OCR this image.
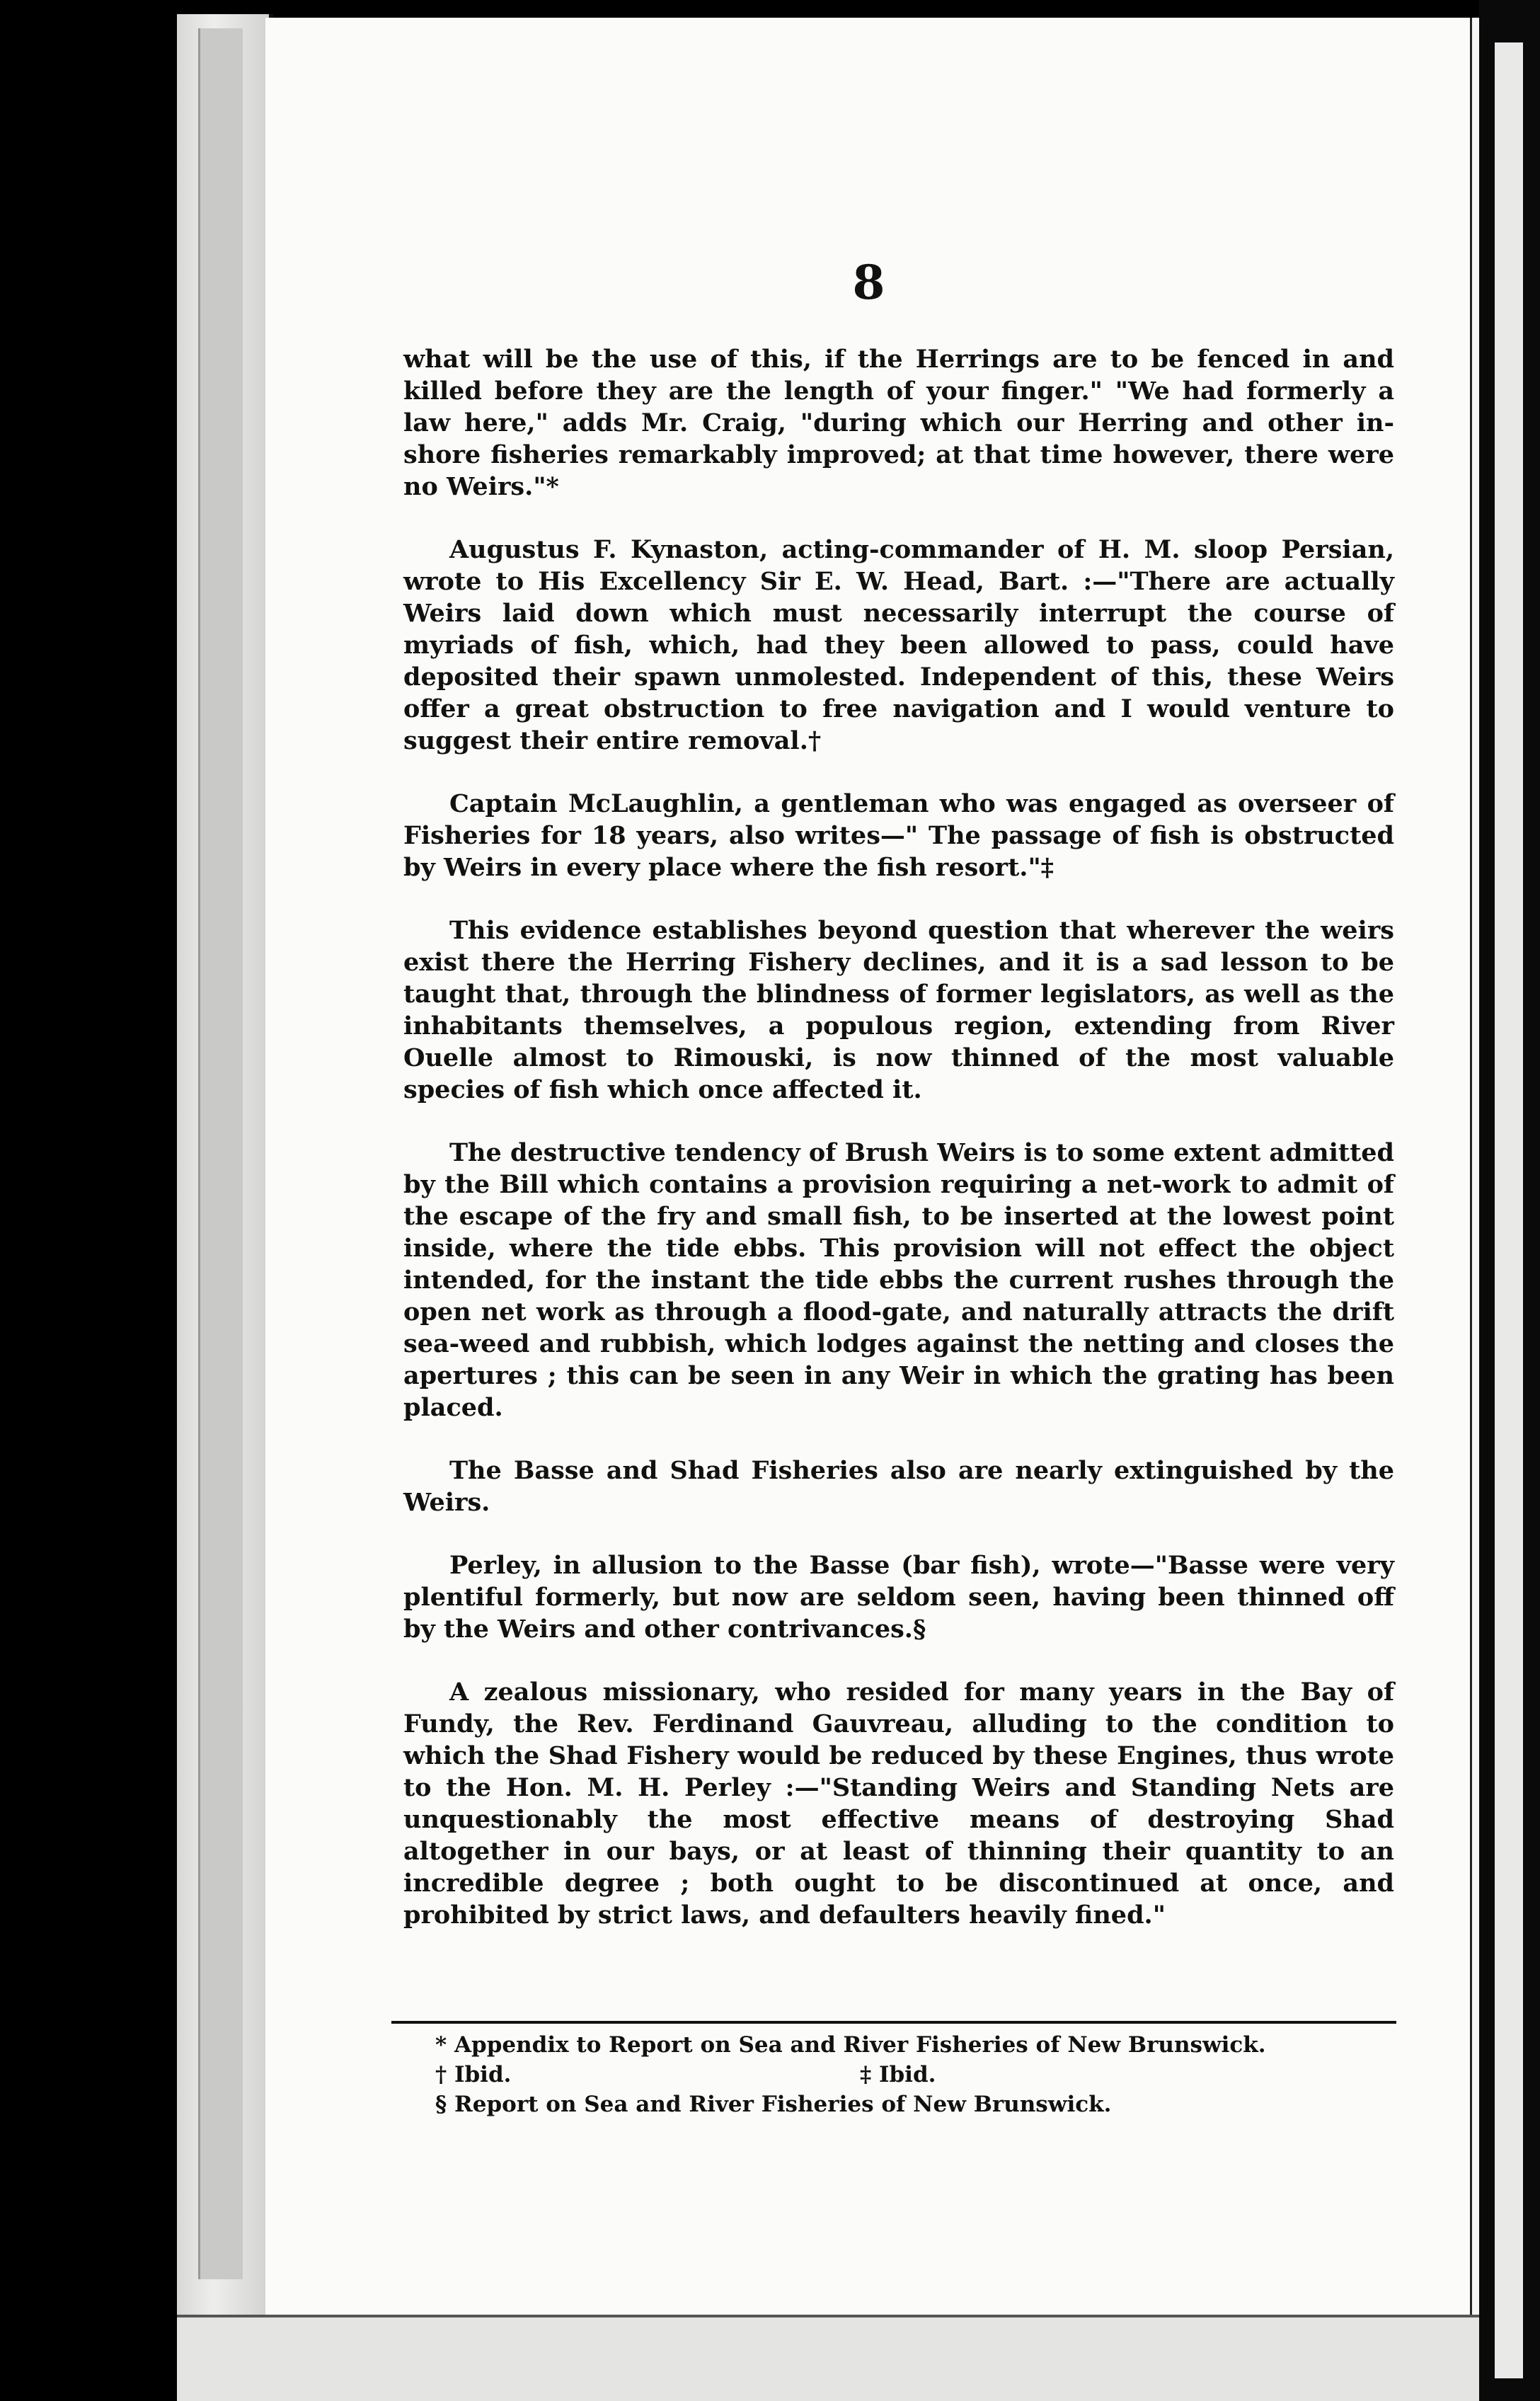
8

what will be the use of this, if the Herrings are to be fenced in and killed before they are the length of your finger." "We had formerly a law here," adds Mr. Craig, "during which our Herring and other in-shore fisheries remarkably improved; at that time however, there were no Weirs."*

Augustus F. Kynaston, acting-commander of H. M. sloop Persian, wrote to His Excellency Sir E. W. Head, Bart. :—"There are actually Weirs laid down which must necessarily interrupt the course of myriads of fish, which, had they been allowed to pass, could have deposited their spawn unmolested. Independent of this, these Weirs offer a great obstruction to free navigation and I would venture to suggest their entire removal.†

Captain McLaughlin, a gentleman who was engaged as overseer of Fisheries for 18 years, also writes—" The passage of fish is obstructed by Weirs in every place where the fish resort."‡

This evidence establishes beyond question that wherever the weirs exist there the Herring Fishery declines, and it is a sad lesson to be taught that, through the blindness of former legislators, as well as the inhabitants themselves, a populous region, extending from River Ouelle almost to Rimouski, is now thinned of the most valuable species of fish which once affected it.

The destructive tendency of Brush Weirs is to some extent admitted by the Bill which contains a provision requiring a net-work to admit of the escape of the fry and small fish, to be inserted at the lowest point inside, where the tide ebbs. This provision will not effect the object intended, for the instant the tide ebbs the current rushes through the open net work as through a flood-gate, and naturally attracts the drift sea-weed and rubbish, which lodges against the netting and closes the apertures ; this can be seen in any Weir in which the grating has been placed.

The Basse and Shad Fisheries also are nearly extinguished by the Weirs.

Perley, in allusion to the Basse (bar fish), wrote—"Basse were very plentiful formerly, but now are seldom seen, having been thinned off by the Weirs and other contrivances.§

A zealous missionary, who resided for many years in the Bay of Fundy, the Rev. Ferdinand Gauvreau, alluding to the condition to which the Shad Fishery would be reduced by these Engines, thus wrote to the Hon. M. H. Perley :—"Standing Weirs and Standing Nets are unquestionably the most effective means of destroying Shad altogether in our bays, or at least of thinning their quantity to an incredible degree ; both ought to be discontinued at once, and prohibited by strict laws, and defaulters heavily fined."

* Appendix to Report on Sea and River Fisheries of New Brunswick.
† Ibid.	‡ Ibid.
§ Report on Sea and River Fisheries of New Brunswick.
